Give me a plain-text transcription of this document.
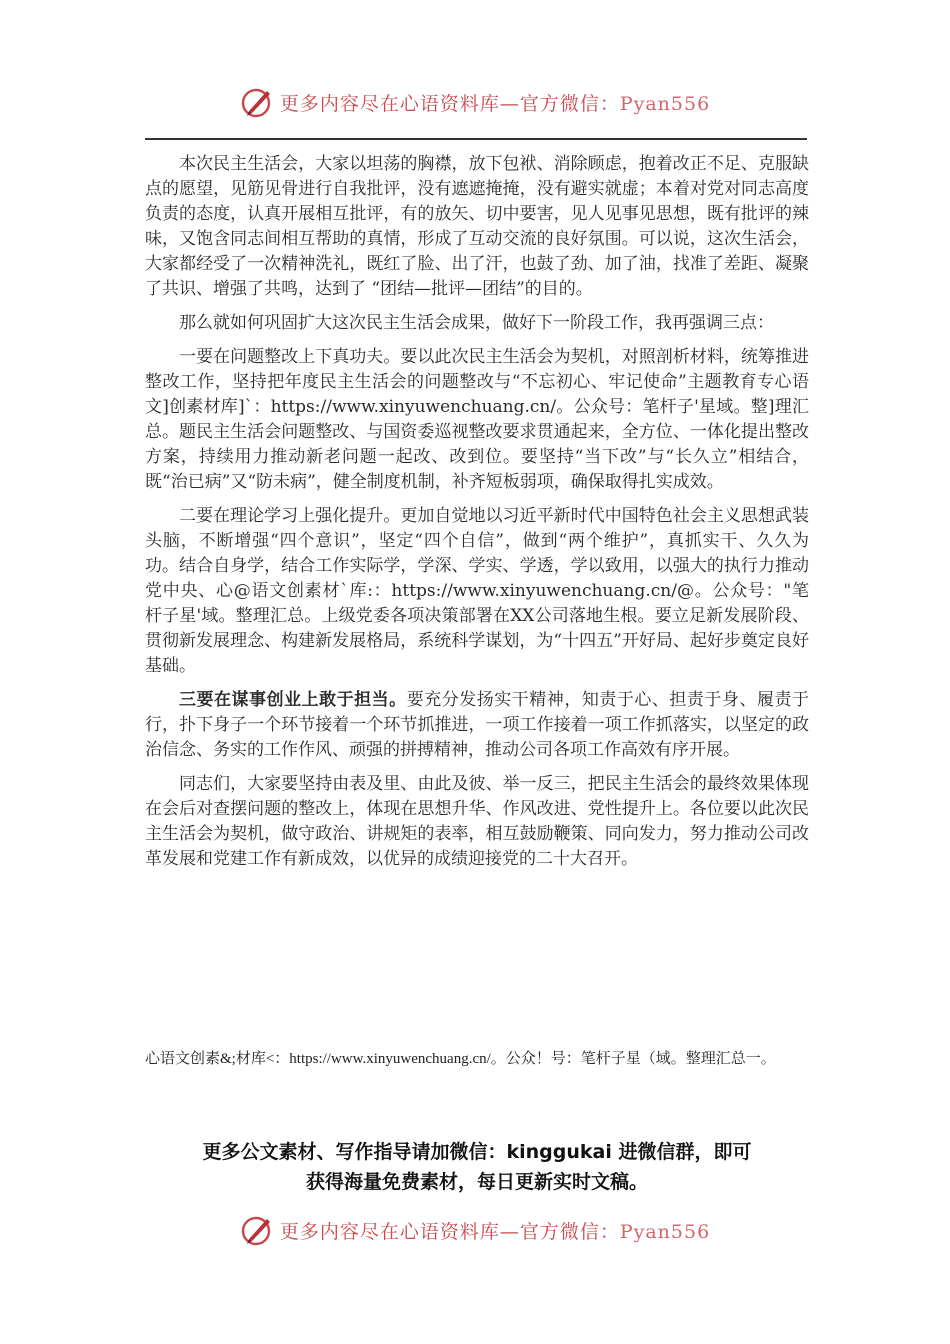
更多内容尽在心语资料库—官方微信：Pyan556

本次民主生活会，大家以坦荡的胸襟，放下包袱、消除顾虑，抱着改正不足、克服缺点的愿望，见筋见骨进行自我批评，没有遮遮掩掩，没有避实就虚；本着对党对同志高度负责的态度，认真开展相互批评，有的放矢、切中要害，见人见事见思想，既有批评的辣味，又饱含同志间相互帮助的真情，形成了互动交流的良好氛围。可以说，这次生活会，大家都经受了一次精神洗礼，既红了脸、出了汗，也鼓了劲、加了油，找准了差距、凝聚了共识、增强了共鸣，达到了 “团结—批评—团结”的目的。

那么就如何巩固扩大这次民主生活会成果，做好下一阶段工作，我再强调三点：

一要在问题整改上下真功夫。要以此次民主生活会为契机，对照剖析材料，统筹推进整改工作，坚持把年度民主生活会的问题整改与“不忘初心、牢记使命”主题教育专心语文]创素材库]`：https://www.xinyuwenchuang.cn/。公众号：笔杆子'星域。整]理汇总。题民主生活会问题整改、与国资委巡视整改要求贯通起来，全方位、一体化提出整改方案，持续用力推动新老问题一起改、改到位。要坚持“当下改”与“长久立”相结合，既“治已病”又“防未病”，健全制度机制，补齐短板弱项，确保取得扎实成效。

二要在理论学习上强化提升。更加自觉地以习近平新时代中国特色社会主义思想武装头脑，不断增强“四个意识”，坚定“四个自信”，做到“两个维护”，真抓实干、久久为功。结合自身学，结合工作实际学，学深、学实、学透，学以致用，以强大的执行力推动党中央、心@语文创素材`库:：https://www.xinyuwenchuang.cn/@。公众号："笔杆子星'域。整理汇总。上级党委各项决策部署在XX公司落地生根。要立足新发展阶段、贯彻新发展理念、构建新发展格局，系统科学谋划，为“十四五”开好局、起好步奠定良好基础。

三要在谋事创业上敢于担当。要充分发扬实干精神，知责于心、担责于身、履责于行，扑下身子一个环节接着一个环节抓推进，一项工作接着一项工作抓落实，以坚定的政治信念、务实的工作作风、顽强的拼搏精神，推动公司各项工作高效有序开展。

同志们，大家要坚持由表及里、由此及彼、举一反三，把民主生活会的最终效果体现在会后对查摆问题的整改上，体现在思想升华、作风改进、党性提升上。各位要以此次民主生活会为契机，做守政治、讲规矩的表率，相互鼓励鞭策、同向发力，努力推动公司改革发展和党建工作有新成效，以优异的成绩迎接党的二十大召开。

心语文创素&;材库<：https://www.xinyuwenchuang.cn/。公众！号：笔杆子星（域。整理汇总一。
更多公文素材、写作指导请加微信：kinggukai 进微信群，即可
获得海量免费素材，每日更新实时文稿。
更多内容尽在心语资料库—官方微信：Pyan556
